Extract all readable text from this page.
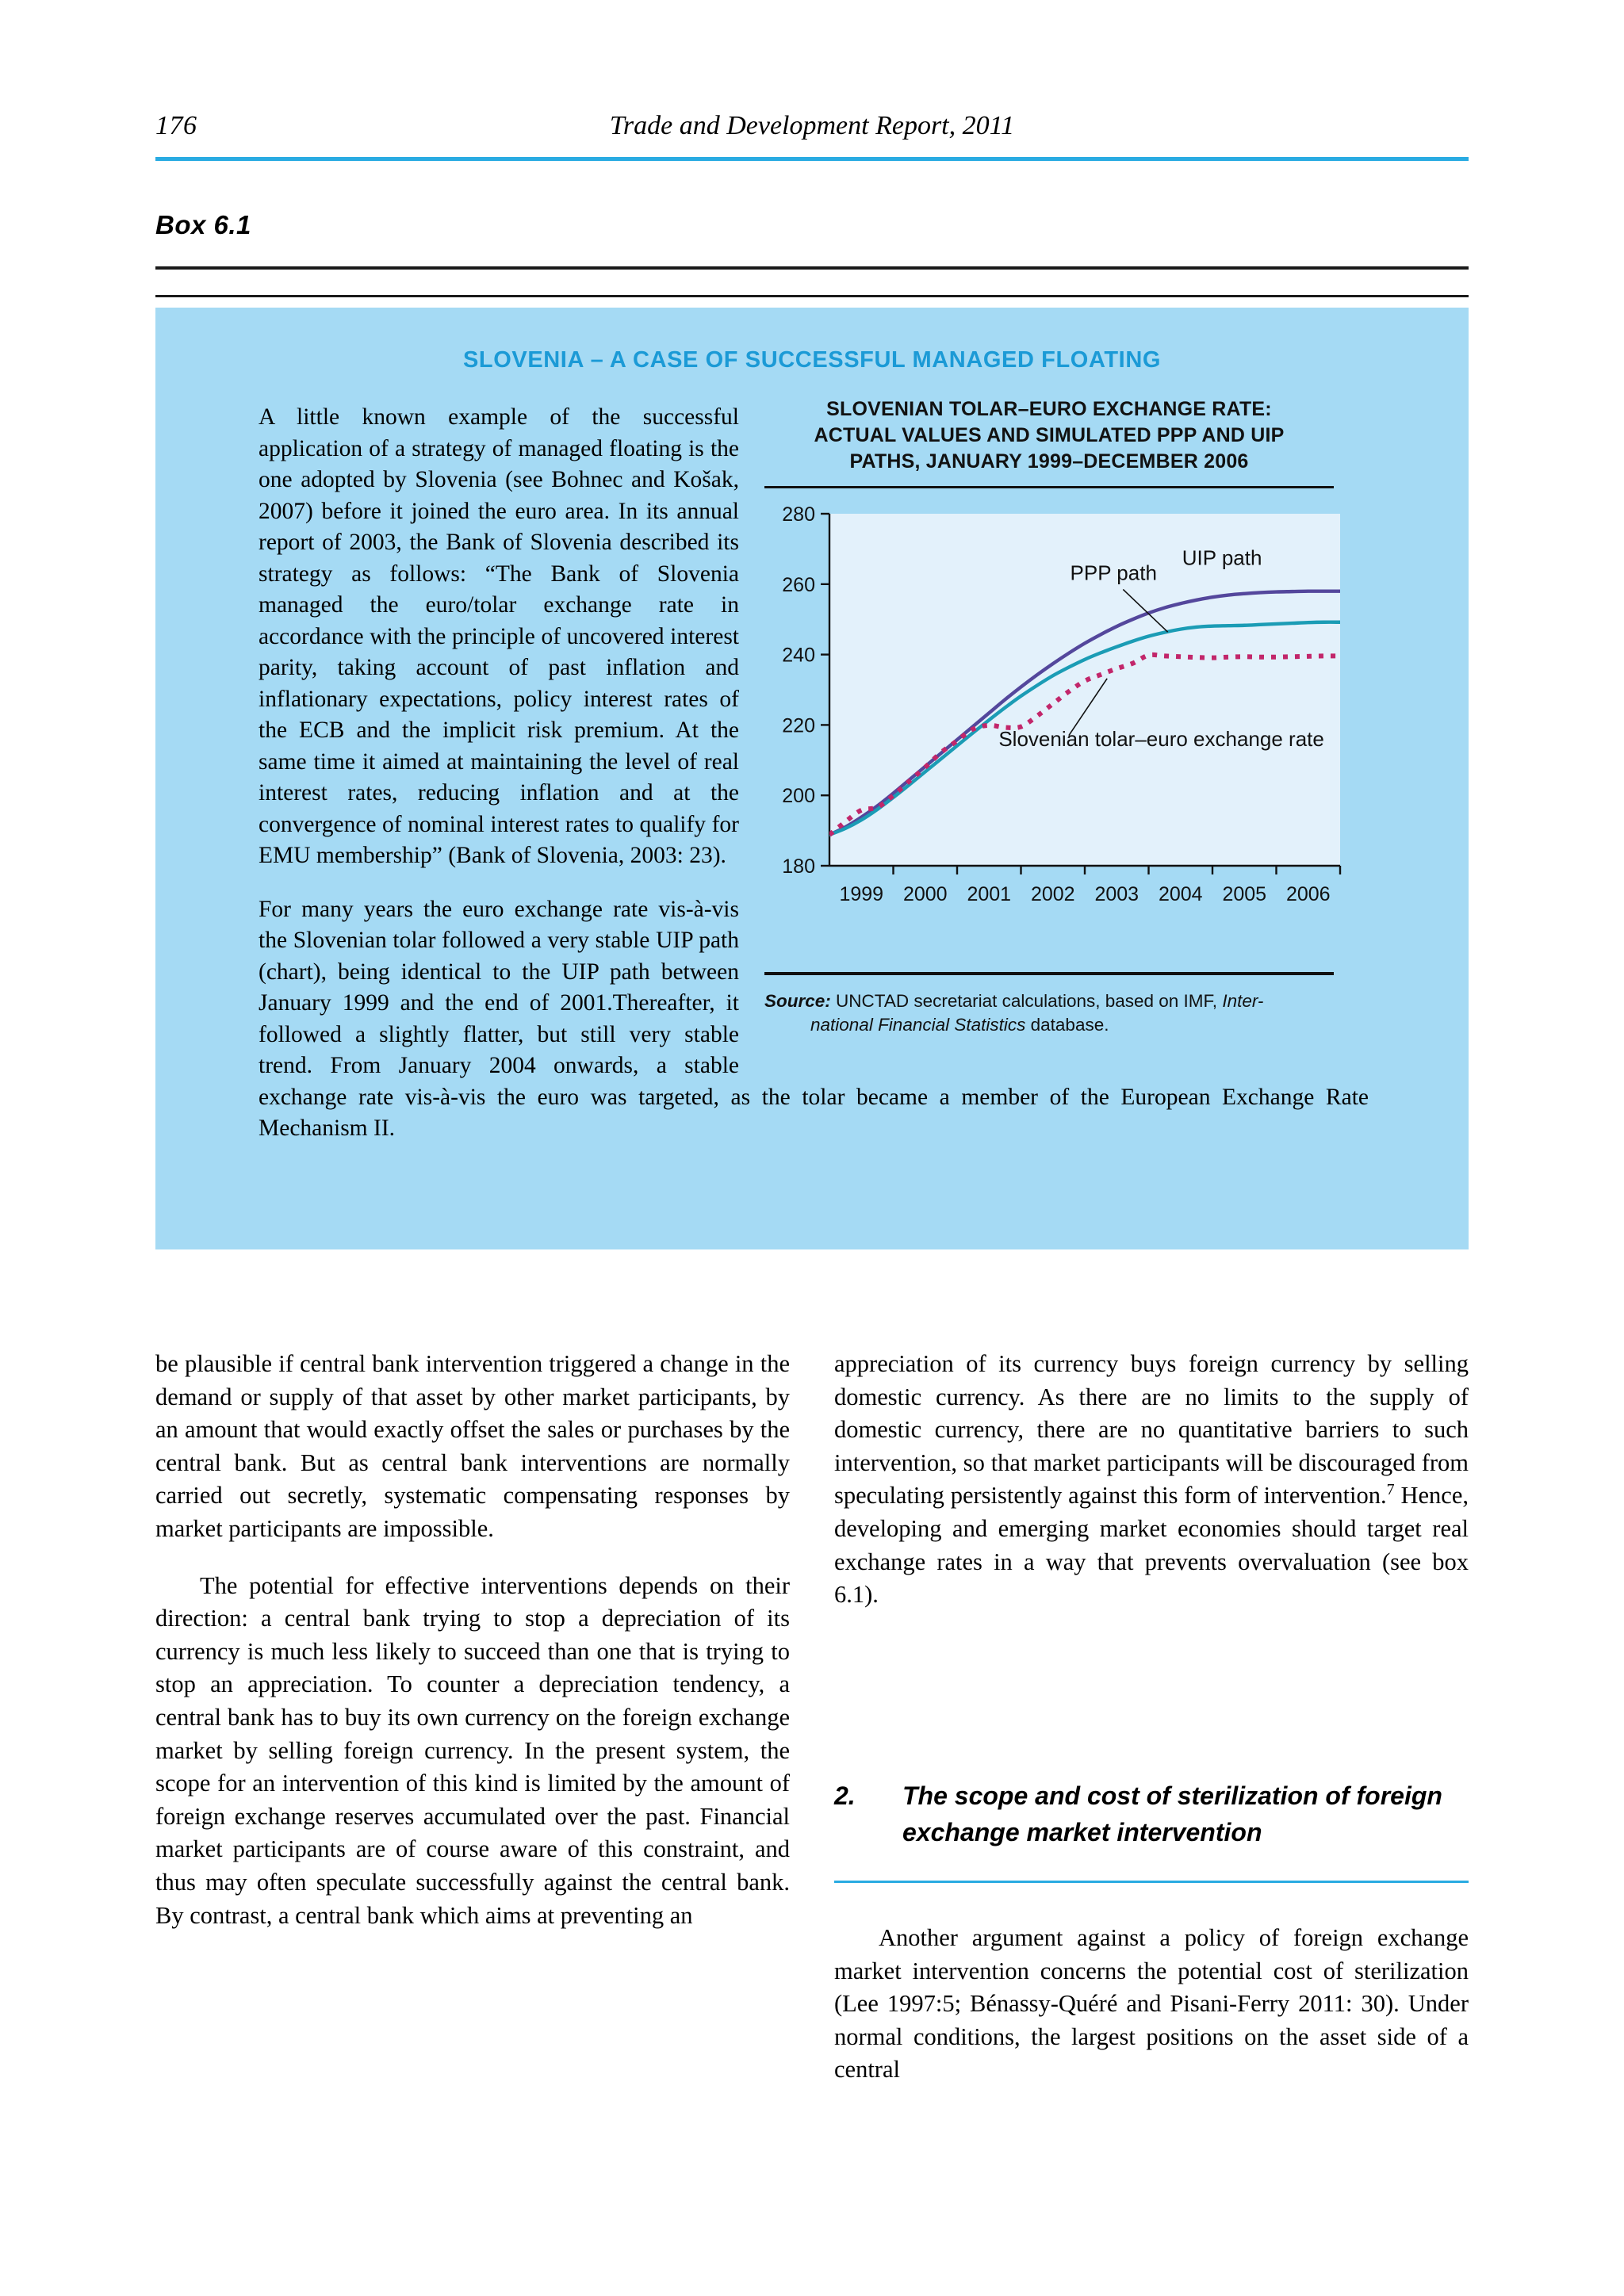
176	Trade and Development Report, 2011
Box 6.1
SLOVENIA – A CASE OF SUCCESSFUL MANAGED FLOATING

A little known example of the successful application of a strategy of managed floating is the one adopted by Slovenia (see Bohnec and Košak, 2007) before it joined the euro area. In its annual report of 2003, the Bank of Slovenia described its strategy as follows: “The Bank of Slovenia managed the euro/tolar exchange rate in accordance with the principle of uncovered interest parity, taking account of past inflation and inflationary expectations, policy interest rates of the ECB and the implicit risk premium. At the same time it aimed at maintaining the level of real interest rates, reducing inflation and at the convergence of nominal interest rates to qualify for EMU membership” (Bank of Slovenia, 2003: 23).

For many years the euro exchange rate vis-à-vis the Slovenian tolar followed a very stable UIP path (chart), being identical to the UIP path between January 1999 and the end of 2001.Thereafter, it followed a slightly flatter, but still very stable trend. From January 2004 onwards, a stable exchange rate vis-à-vis the euro was targeted, as the tolar became a member of the European Exchange Rate Mechanism II.

SLOVENIAN TOLAR–EURO EXCHANGE RATE:
ACTUAL VALUES AND SIMULATED PPP AND UIP
PATHS, JANUARY 1999–DECEMBER 2006
180
200
220
240
260
280
1999 2000 2001 2002 2003 2004 2005 2006
UIP path
PPP path
Slovenian tolar–euro exchange rate
Source: UNCTAD secretariat calculations, based on IMF, Inter-
national Financial Statistics database.

be plausible if central bank intervention triggered a change in the demand or supply of that asset by other market participants, by an amount that would exactly offset the sales or purchases by the central bank. But as central bank interventions are normally carried out secretly, systematic compensating responses by market participants are impossible.

The potential for effective interventions depends on their direction: a central bank trying to stop a depreciation of its currency is much less likely to succeed than one that is trying to stop an appreciation. To counter a depreciation tendency, a central bank has to buy its own currency on the foreign exchange market by selling foreign currency. In the present system, the scope for an intervention of this kind is limited by the amount of foreign exchange reserves accumulated over the past. Financial market participants are of course aware of this constraint, and thus may often speculate successfully against the central bank. By contrast, a central bank which aims at preventing an

appreciation of its currency buys foreign currency by selling domestic currency. As there are no limits to the supply of domestic currency, there are no quantitative barriers to such intervention, so that market participants will be discouraged from speculating persistently against this form of intervention.$^7$ Hence, developing and emerging market economies should target real exchange rates in a way that prevents overvaluation (see box 6.1).

2. The scope and cost of sterilization of foreign exchange market intervention

Another argument against a policy of foreign exchange market intervention concerns the potential cost of sterilization (Lee 1997:5; Bénassy-Quéré and Pisani-Ferry 2011: 30). Under normal conditions, the largest positions on the asset side of a central
